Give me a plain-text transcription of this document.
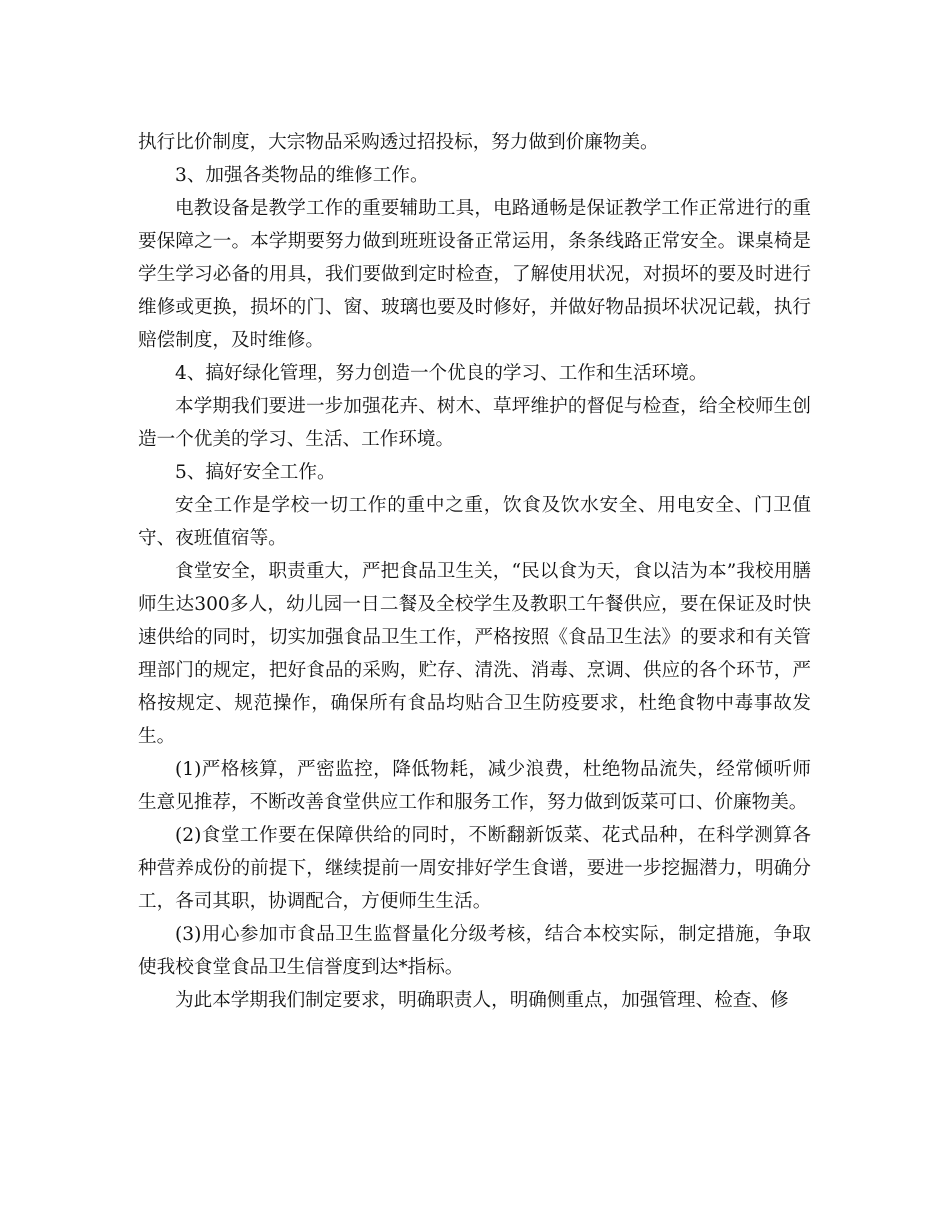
执行比价制度，大宗物品采购透过招投标，努力做到价廉物美。

3、加强各类物品的维修工作。

电教设备是教学工作的重要辅助工具，电路通畅是保证教学工作正常进行的重要保障之一。本学期要努力做到班班设备正常运用，条条线路正常安全。课桌椅是学生学习必备的用具，我们要做到定时检查，了解使用状况，对损坏的要及时进行维修或更换，损坏的门、窗、玻璃也要及时修好，并做好物品损坏状况记载，执行赔偿制度，及时维修。

4、搞好绿化管理，努力创造一个优良的学习、工作和生活环境。

本学期我们要进一步加强花卉、树木、草坪维护的督促与检查，给全校师生创造一个优美的学习、生活、工作环境。

5、搞好安全工作。

安全工作是学校一切工作的重中之重，饮食及饮水安全、用电安全、门卫值守、夜班值宿等。

食堂安全，职责重大，严把食品卫生关，“民以食为天，食以洁为本”我校用膳师生达300多人，幼儿园一日二餐及全校学生及教职工午餐供应，要在保证及时快速供给的同时，切实加强食品卫生工作，严格按照《食品卫生法》的要求和有关管理部门的规定，把好食品的采购，贮存、清洗、消毒、烹调、供应的各个环节，严格按规定、规范操作，确保所有食品均贴合卫生防疫要求，杜绝食物中毒事故发生。

(1)严格核算，严密监控，降低物耗，减少浪费，杜绝物品流失，经常倾听师生意见推荐，不断改善食堂供应工作和服务工作，努力做到饭菜可口、价廉物美。

(2)食堂工作要在保障供给的同时，不断翻新饭菜、花式品种，在科学测算各种营养成份的前提下，继续提前一周安排好学生食谱，要进一步挖掘潜力，明确分工，各司其职，协调配合，方便师生生活。

(3)用心参加市食品卫生监督量化分级考核，结合本校实际，制定措施，争取使我校食堂食品卫生信誉度到达*指标。

为此本学期我们制定要求，明确职责人，明确侧重点，加强管理、检查、修
